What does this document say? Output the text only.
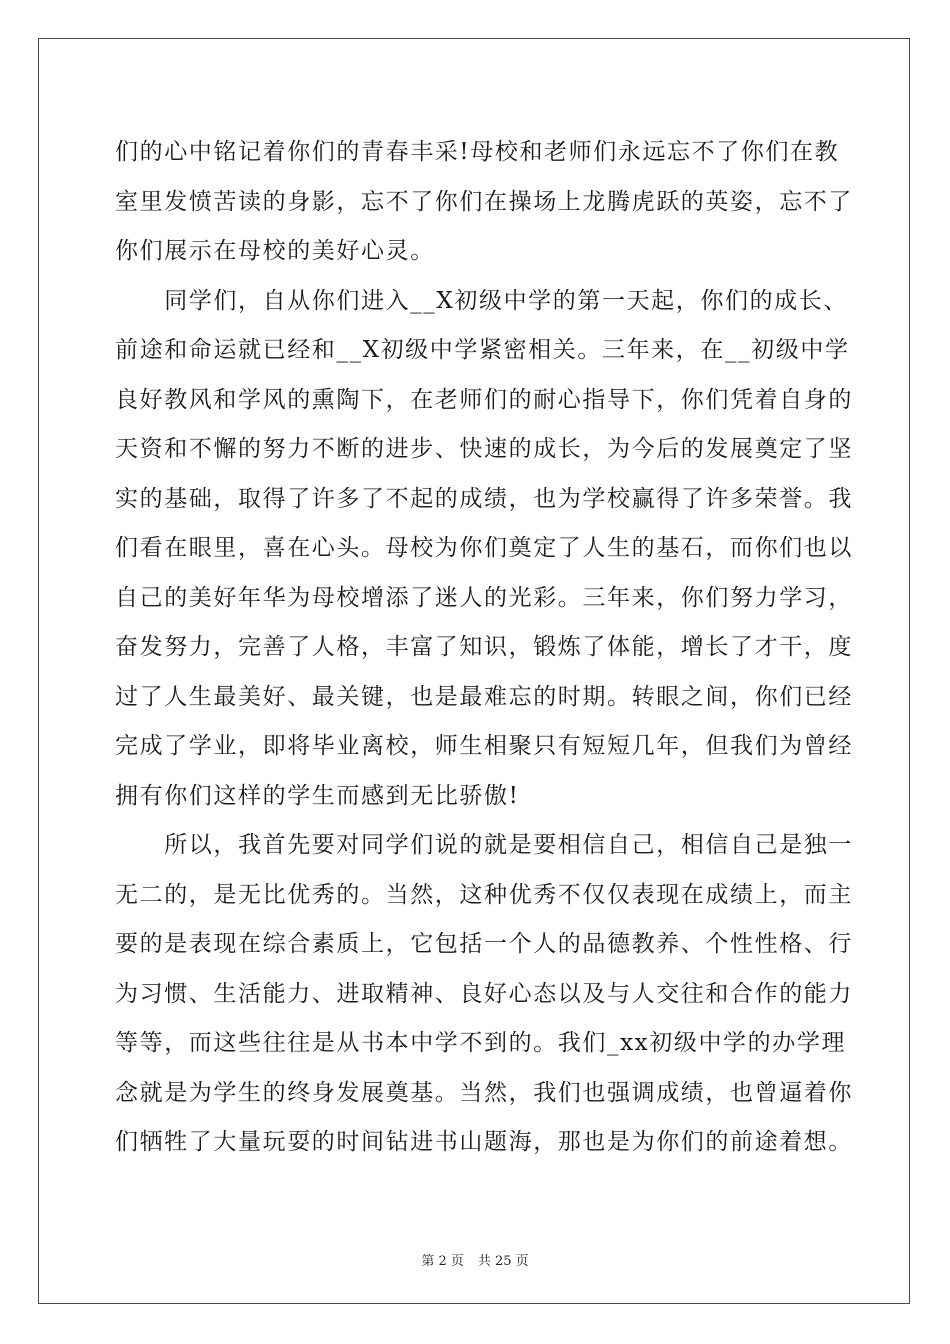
们的心中铭记着你们的青春丰采!母校和老师们永远忘不了你们在教
室里发愤苦读的身影，忘不了你们在操场上龙腾虎跃的英姿，忘不了
你们展示在母校的美好心灵。
　　同学们，自从你们进入__X初级中学的第一天起，你们的成长、
前途和命运就已经和__X初级中学紧密相关。三年来，在__初级中学
良好教风和学风的熏陶下，在老师们的耐心指导下，你们凭着自身的
天资和不懈的努力不断的进步、快速的成长，为今后的发展奠定了坚
实的基础，取得了许多了不起的成绩，也为学校赢得了许多荣誉。我
们看在眼里，喜在心头。母校为你们奠定了人生的基石，而你们也以
自己的美好年华为母校增添了迷人的光彩。三年来，你们努力学习，
奋发努力，完善了人格，丰富了知识，锻炼了体能，增长了才干，度
过了人生最美好、最关键，也是最难忘的时期。转眼之间，你们已经
完成了学业，即将毕业离校，师生相聚只有短短几年，但我们为曾经
拥有你们这样的学生而感到无比骄傲!
　　所以，我首先要对同学们说的就是要相信自己，相信自己是独一
无二的，是无比优秀的。当然，这种优秀不仅仅表现在成绩上，而主
要的是表现在综合素质上，它包括一个人的品德教养、个性性格、行
为习惯、生活能力、进取精神、良好心态以及与人交往和合作的能力
等等，而这些往往是从书本中学不到的。我们_xx初级中学的办学理
念就是为学生的终身发展奠基。当然，我们也强调成绩，也曾逼着你
们牺牲了大量玩耍的时间钻进书山题海，那也是为你们的前途着想。
第 2 页 共 25 页
